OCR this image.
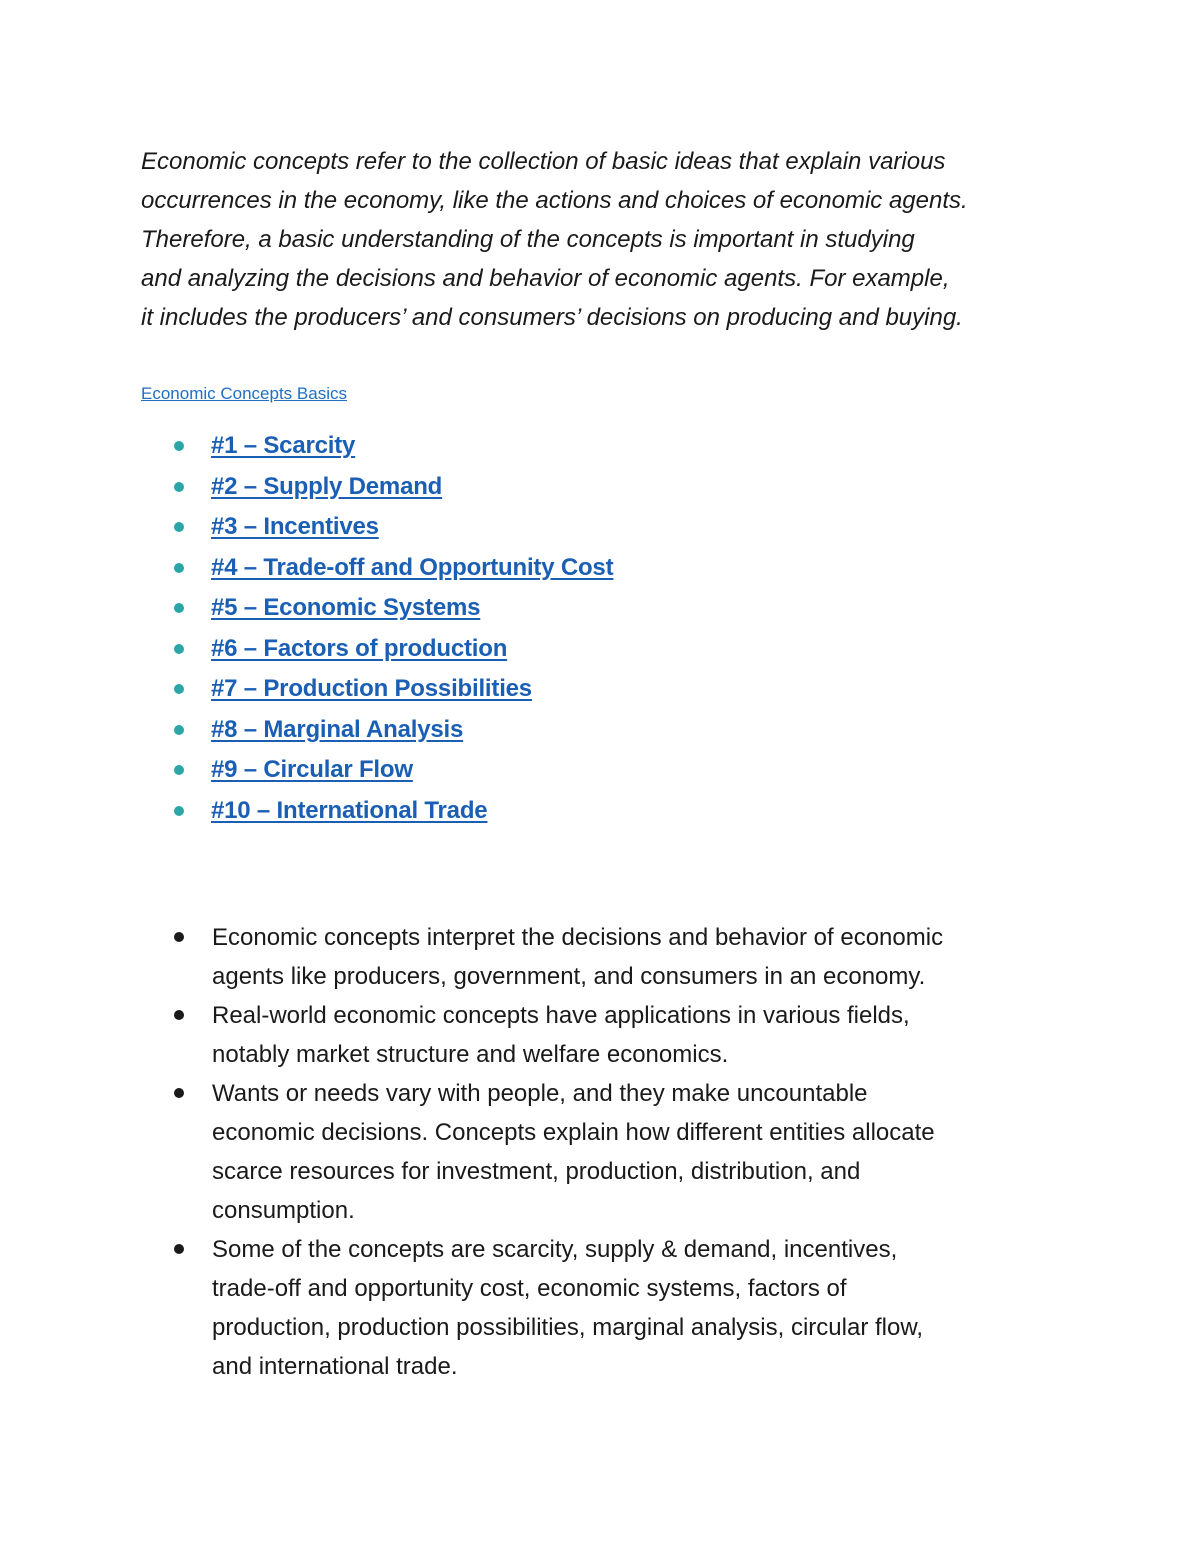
Economic concepts refer to the collection of basic ideas that explain various
occurrences in the economy, like the actions and choices of economic agents.
Therefore, a basic understanding of the concepts is important in studying
and analyzing the decisions and behavior of economic agents. For example,
it includes the producers’ and consumers’ decisions on producing and buying.

Economic Concepts Basics
#1 – Scarcity
#2 – Supply Demand
#3 – Incentives
#4 – Trade-off and Opportunity Cost
#5 – Economic Systems
#6 – Factors of production
#7 – Production Possibilities
#8 – Marginal Analysis
#9 – Circular Flow
#10 – International Trade
Economic concepts interpret the decisions and behavior of economic
agents like producers, government, and consumers in an economy.
Real-world economic concepts have applications in various fields,
notably market structure and welfare economics.
Wants or needs vary with people, and they make uncountable
economic decisions. Concepts explain how different entities allocate
scarce resources for investment, production, distribution, and
consumption.
Some of the concepts are scarcity, supply & demand, incentives,
trade-off and opportunity cost, economic systems, factors of
production, production possibilities, marginal analysis, circular flow,
and international trade.
